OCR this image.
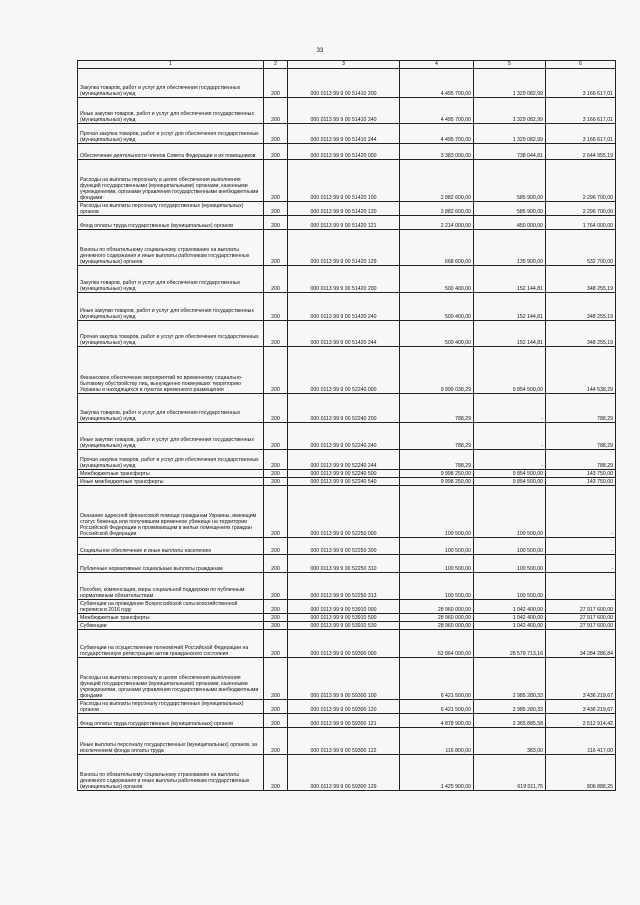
33
1	2	3	4	5	6
Закупка товаров, работ и услуг для обеспечения государственных (муниципальных) нужд	200	000 0113 99 9 00 51410 200	4 495 700,00	1 329 082,99	3 166 617,01
Иные закупки товаров, работ и услуг для обеспечения государственных (муниципальных) нужд	200	000 0113 99 9 00 51410 240	4 495 700,00	1 329 082,99	3 166 617,01
Прочая закупка товаров, работ и услуг для обеспечения государственных (муниципальных) нужд	200	000 0113 99 9 00 51410 244	4 495 700,00	1 329 082,99	3 166 617,01
Обеспечение деятельности членов Совета Федерации и их помощников	200	000 0113 99 9 00 51420 000	3 383 000,00	738 044,81	2 644 955,19
Расходы на выплаты персоналу в целях обеспечения выполнения функций государственными (муниципальными) органами, казенными учреждениями, органами управления государственными внебюджетными фондами	200	000 0113 99 9 00 51420 100	2 882 600,00	585 900,00	2 296 700,00
Расходы на выплаты персоналу государственных (муниципальных) органов	200	000 0113 99 9 00 51420 120	2 882 600,00	585 900,00	2 296 700,00
Фонд оплаты труда государственных (муниципальных) органов	200	000 0113 99 9 00 51420 121	2 214 000,00	450 000,00	1 764 000,00
Взносы по обязательному социальному страхованию на выплаты денежного содержания и иные выплаты работникам государственных (муниципальных) органов	200	000 0113 99 9 00 51420 129	668 600,00	135 900,00	532 700,00
Закупка товаров, работ и услуг для обеспечения государственных (муниципальных) нужд	200	000 0113 99 9 00 51420 200	500 400,00	152 144,81	348 255,19
Иные закупки товаров, работ и услуг для обеспечения государственных (муниципальных) нужд	200	000 0113 99 9 00 51420 240	500 400,00	152 144,81	348 255,19
Прочая закупка товаров, работ и услуг для обеспечения государственных (муниципальных) нужд	200	000 0113 99 9 00 51420 244	500 400,00	152 144,81	348 255,19
Финансовое обеспечение мероприятий по временному социально-бытовому обустройству лиц, вынужденно покинувших территорию Украины и находящихся в пунктах временного размещения	200	000 0113 99 9 00 52240 000	9 999 038,29	9 854 500,00	144 538,29
Закупка товаров, работ и услуг для обеспечения государственных (муниципальных) нужд	200	000 0113 99 9 00 52240 200	788,29	-	788,29
Иные закупки товаров, работ и услуг для обеспечения государственных (муниципальных) нужд	200	000 0113 99 9 00 52240 240	788,29	-	788,29
Прочая закупка товаров, работ и услуг для обеспечения государственных (муниципальных) нужд	200	000 0113 99 9 00 52240 244	788,29	-	788,29
Межбюджетные трансферты	200	000 0113 99 9 00 52240 500	9 998 250,00	9 854 500,00	143 750,00
Иные межбюджетные трансферты	200	000 0113 99 9 00 52240 540	9 998 250,00	9 854 500,00	143 750,00
Оказание адресной финансовой помощи гражданам Украины, имеющим статус беженца или получившим временное убежище на территории Российской Федерации и проживающим в жилых помещениях граждан Российской Федерации	200	000 0113 99 9 00 52250 000	100 500,00	100 500,00	-
Социальное обеспечение и иные выплаты населению	200	000 0113 99 9 00 52250 300	100 500,00	100 500,00	-
Публичные нормативные социальные выплаты гражданам	200	000 0113 99 9 00 52250 310	100 500,00	100 500,00	-
Пособия, компенсации, меры социальной поддержки по публичным нормативным обязательствам	200	000 0113 99 9 00 52250 313	100 500,00	100 500,00	-
Субвенции на проведение Всероссийской сельскохозяйственной переписи в 2016 году	200	000 0113 99 9 00 53910 000	28 960 000,00	1 042 400,00	27 917 600,00
Межбюджетные трансферты	200	000 0113 99 9 00 53910 500	28 960 000,00	1 042 400,00	27 917 600,00
Субвенции	200	000 0113 99 9 00 53910 530	28 960 000,00	1 042 400,00	27 917 600,00
Субвенции на осуществление полномочий Российской Федерации на государственную регистрацию актов гражданского состояния	200	000 0113 99 9 00 59300 000	62 864 000,00	28 579 713,16	34 284 286,84
Расходы на выплаты персоналу в целях обеспечения выполнения функций государственными (муниципальными) органами, казенными учреждениями, органами управления государственными внебюджетными фондами	200	000 0113 99 9 00 59300 100	6 421 500,00	2 985 280,33	3 436 219,67
Расходы на выплаты персоналу государственных (муниципальных) органов	200	000 0113 99 9 00 59300 120	6 421 500,00	2 985 280,33	3 436 219,67
Фонд оплаты труда государственных (муниципальных) органов	200	000 0113 99 9 00 59300 121	4 878 900,00	2 365 885,58	2 512 914,42
Иные выплаты персоналу государственных (муниципальных) органов, за исключением фонда оплаты труда	200	000 0113 99 9 00 59300 122	116 800,00	383,00	116 417,00
Взносы по обязательному социальному страхованию на выплаты денежного содержания и иные выплаты работникам государственных (муниципальных) органов	200	000 0113 99 9 00 59300 129	1 425 900,00	619 011,75	806 888,25
